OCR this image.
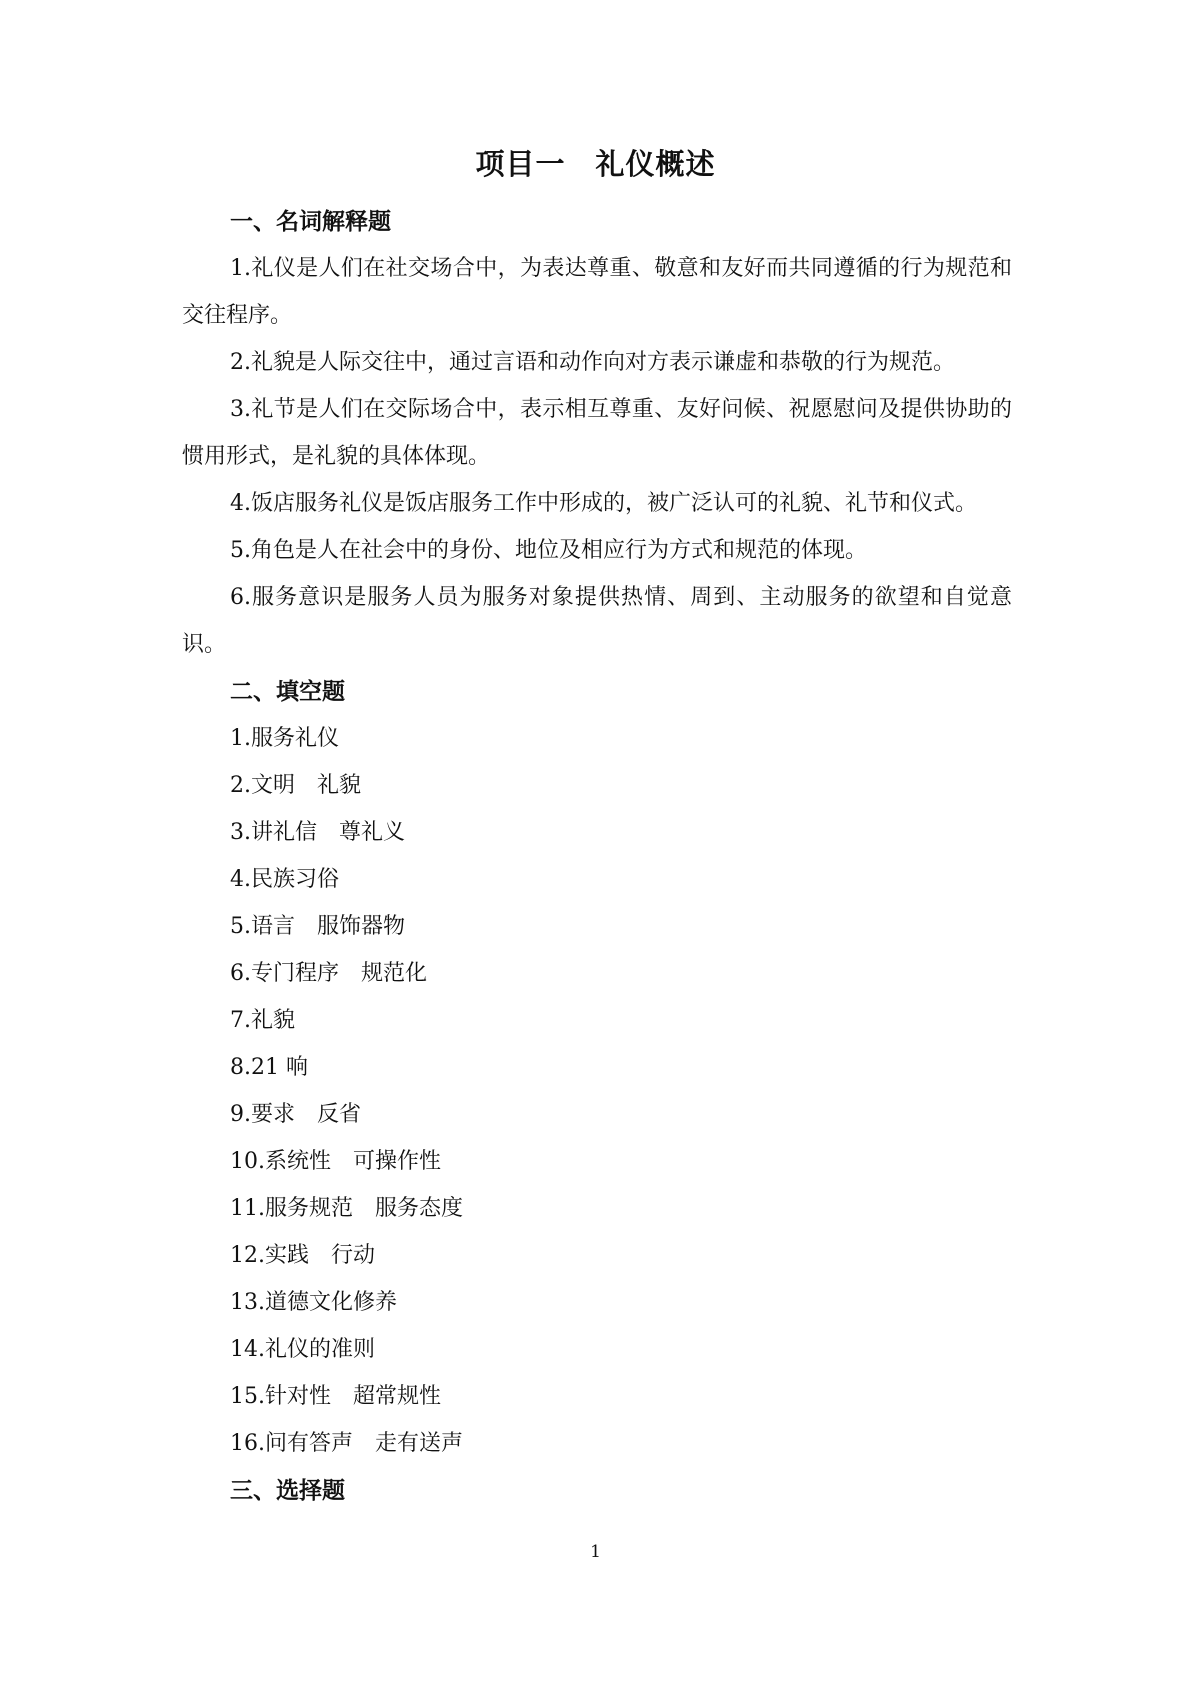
项目一　礼仪概述
一、名词解释题

1.礼仪是人们在社交场合中，为表达尊重、敬意和友好而共同遵循的行为规范和交往程序。

2.礼貌是人际交往中，通过言语和动作向对方表示谦虚和恭敬的行为规范。

3.礼节是人们在交际场合中，表示相互尊重、友好问候、祝愿慰问及提供协助的惯用形式，是礼貌的具体体现。

4.饭店服务礼仪是饭店服务工作中形成的，被广泛认可的礼貌、礼节和仪式。

5.角色是人在社会中的身份、地位及相应行为方式和规范的体现。

6.服务意识是服务人员为服务对象提供热情、周到、主动服务的欲望和自觉意识。

二、填空题

1.服务礼仪

2.文明　礼貌

3.讲礼信　尊礼义

4.民族习俗

5.语言　服饰器物

6.专门程序　规范化

7.礼貌

8.21 响

9.要求　反省

10.系统性　可操作性

11.服务规范　服务态度

12.实践　行动

13.道德文化修养

14.礼仪的准则

15.针对性　超常规性

16.问有答声　走有送声

三、选择题

1
